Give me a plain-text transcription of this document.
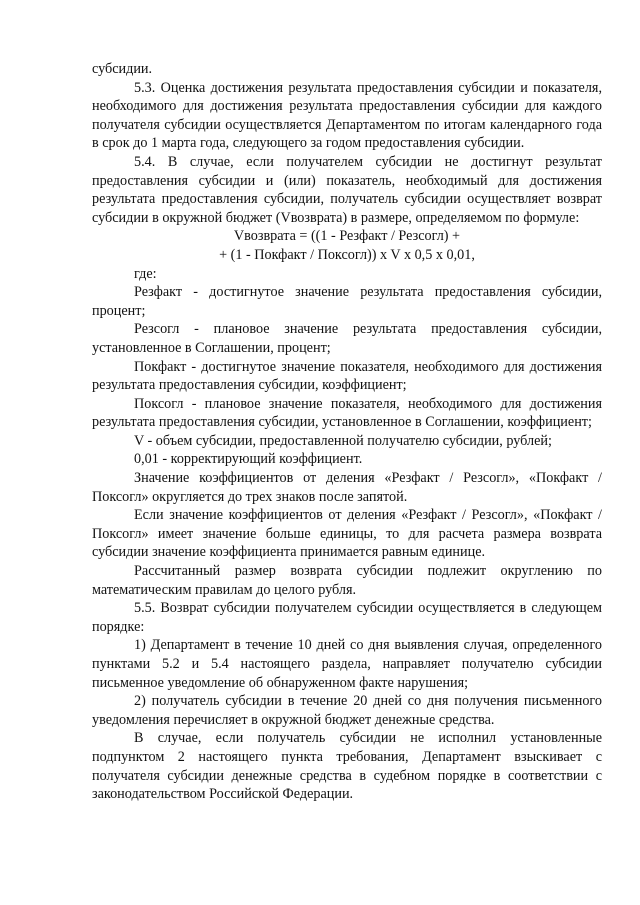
субсидии.

5.3. Оценка достижения результата предоставления субсидии и показателя, необходимого для достижения результата предоставления субсидии для каждого получателя субсидии осуществляется Департаментом по итогам календарного года в срок до 1 марта года, следующего за годом предоставления субсидии.

5.4. В случае, если получателем субсидии не достигнут результат предоставления субсидии и (или) показатель, необходимый для достижения результата предоставления субсидии, получатель субсидии осуществляет возврат субсидии в окружной бюджет (Vвозврата) в размере, определяемом по формуле:

Vвозврата = ((1 - Резфакт / Резсогл) +

+ (1 - Покфакт / Поксогл)) x V x 0,5 x 0,01,

где:

Резфакт - достигнутое значение результата предоставления субсидии, процент;

Резсогл - плановое значение результата предоставления субсидии, установленное в Соглашении, процент;

Покфакт - достигнутое значение показателя, необходимого для достижения результата предоставления субсидии, коэффициент;

Поксогл - плановое значение показателя, необходимого для достижения результата предоставления субсидии, установленное в Соглашении, коэффициент;

V - объем субсидии, предоставленной получателю субсидии, рублей;

0,01 - корректирующий коэффициент.

Значение коэффициентов от деления «Резфакт / Резсогл», «Покфакт / Поксогл» округляется до трех знаков после запятой.

Если значение коэффициентов от деления «Резфакт / Резсогл», «Покфакт / Поксогл» имеет значение больше единицы, то для расчета размера возврата субсидии значение коэффициента принимается равным единице.

Рассчитанный размер возврата субсидии подлежит округлению по математическим правилам до целого рубля.

5.5. Возврат субсидии получателем субсидии осуществляется в следующем порядке:

1) Департамент в течение 10 дней со дня выявления случая, определенного пунктами 5.2 и 5.4 настоящего раздела, направляет получателю субсидии письменное уведомление об обнаруженном факте нарушения;

2) получатель субсидии в течение 20 дней со дня получения письменного уведомления перечисляет в окружной бюджет денежные средства.

В случае, если получатель субсидии не исполнил установленные подпунктом 2 настоящего пункта требования, Департамент взыскивает с получателя субсидии денежные средства в судебном порядке в соответствии с законодательством Российской Федерации.
